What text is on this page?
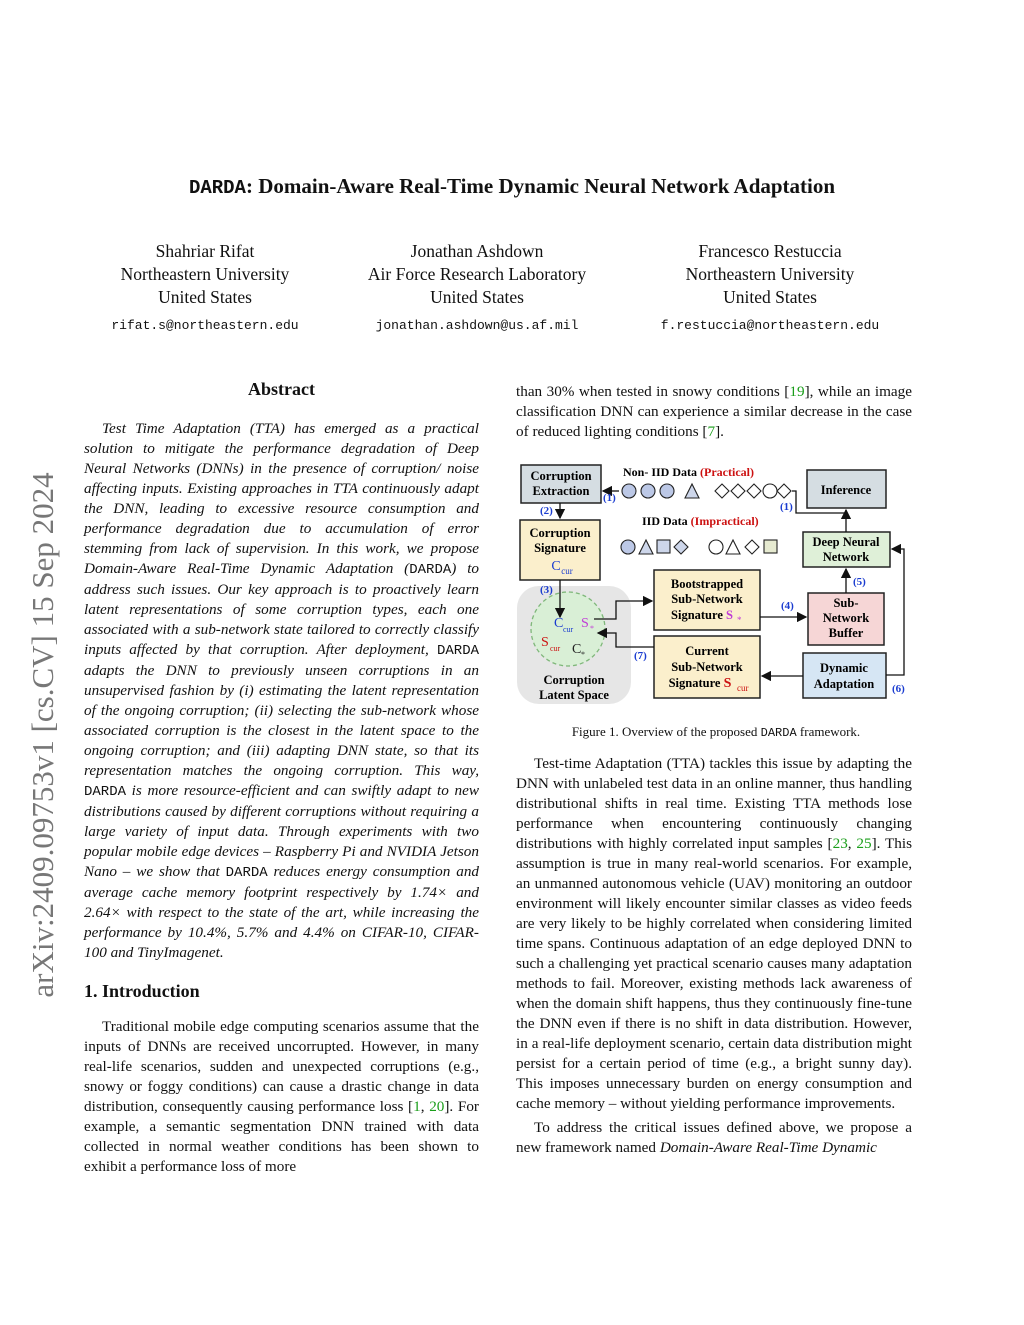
arXiv:2409.09753v1 [cs.CV] 15 Sep 2024
DARDA: Domain-Aware Real-Time Dynamic Neural Network Adaptation
Shahriar Rifat
Northeastern University
United States
rifat.s@northeastern.edu
Jonathan Ashdown
Air Force Research Laboratory
United States
jonathan.ashdown@us.af.mil
Francesco Restuccia
Northeastern University
United States
f.restuccia@northeastern.edu
Abstract

Test Time Adaptation (TTA) has emerged as a practical solution to mitigate the performance degradation of Deep Neural Networks (DNNs) in the presence of corruption/ noise affecting inputs. Existing approaches in TTA continuously adapt the DNN, leading to excessive resource consumption and performance degradation due to accumulation of error stemming from lack of supervision. In this work, we propose Domain-Aware Real-Time Dynamic Adaptation (DARDA) to address such issues. Our key approach is to proactively learn latent representations of some corruption types, each one associated with a sub-network state tailored to correctly classify inputs affected by that corruption. After deployment, DARDA adapts the DNN to previously unseen corruptions in an unsupervised fashion by (i) estimating the latent representation of the ongoing corruption; (ii) selecting the sub-network whose associated corruption is the closest in the latent space to the ongoing corruption; and (iii) adapting DNN state, so that its representation matches the ongoing corruption. This way, DARDA is more resource-efficient and can swiftly adapt to new distributions caused by different corruptions without requiring a large variety of input data. Through experiments with two popular mobile edge devices – Raspberry Pi and NVIDIA Jetson Nano – we show that DARDA reduces energy consumption and average cache memory footprint respectively by 1.74× and 2.64× with respect to the state of the art, while increasing the performance by 10.4%, 5.7% and 4.4% on CIFAR-10, CIFAR-100 and TinyImagenet.

1. Introduction

Traditional mobile edge computing scenarios assume that the inputs of DNNs are received uncorrupted. However, in many real-life scenarios, sudden and unexpected corruptions (e.g., snowy or foggy conditions) can cause a drastic change in data distribution, consequently causing performance loss [1, 20]. For example, a semantic segmentation DNN trained with data collected in normal weather conditions has been shown to exhibit a performance loss of more

than 30% when tested in snowy conditions [19], while an image classification DNN can experience a similar decrease in the case of reduced lighting conditions [7].

Corruption
Extraction
Corruption
Signature
C cur
Non- IID Data (Practical)
IID Data (Impractical)
Inference
Deep Neural
Network
Bootstrapped
Sub-Network
Signature S *
Sub-
Network
Buffer
Current
Sub-Network
Signature S cur
Dynamic
Adaptation
C cur S *
S cur C *
Corruption
Latent Space
(1)
(1)
(2)
(3)
(4)
(5)
(6)
(7)
Figure 1. Overview of the proposed DARDA framework.

Test-time Adaptation (TTA) tackles this issue by adapting the DNN with unlabeled test data in an online manner, thus handling distributional shifts in real time. Existing TTA methods lose performance when encountering continuously changing distributions with highly correlated input samples [23, 25]. This assumption is true in many real-world scenarios. For example, an unmanned autonomous vehicle (UAV) monitoring an outdoor environment will likely encounter similar classes as video feeds are very likely to be highly correlated when considering limited time spans. Continuous adaptation of an edge deployed DNN to such a challenging yet practical scenario causes many adaptation methods to fail. Moreover, existing methods lack awareness of when the domain shift happens, thus they continuously fine-tune the DNN even if there is no shift in data distribution. However, in a real-life deployment scenario, certain data distribution might persist for a certain period of time (e.g., a bright sunny day). This imposes unnecessary burden on energy consumption and cache memory – without yielding performance improvements.

To address the critical issues defined above, we propose a new framework named Domain-Aware Real-Time Dynamic
